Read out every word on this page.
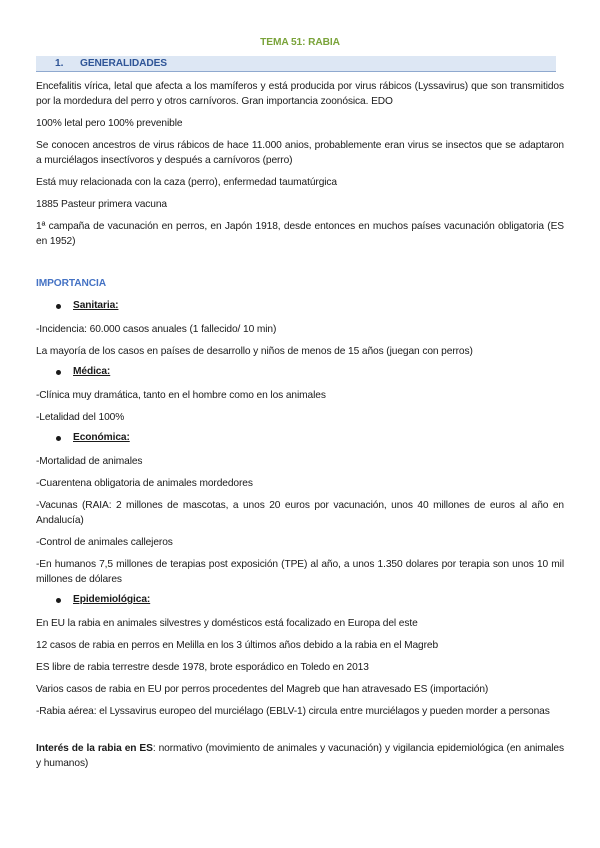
TEMA 51: RABIA
1. GENERALIDADES
Encefalitis vírica, letal que afecta a los mamíferos y está producida por virus rábicos (Lyssavirus) que son transmitidos por la mordedura del perro y otros carnívoros. Gran importancia zoonósica. EDO
100% letal pero 100% prevenible
Se conocen ancestros de virus rábicos de hace 11.000 anios, probablemente eran virus se insectos que se adaptaron a murciélagos insectívoros y después a carnívoros (perro)
Está muy relacionada con la caza (perro), enfermedad taumatúrgica
1885 Pasteur primera vacuna
1ª campaña de vacunación en perros, en Japón 1918, desde entonces en muchos países vacunación obligatoria (ES en 1952)
IMPORTANCIA
Sanitaria:
-Incidencia: 60.000 casos anuales (1 fallecido/ 10 min)
La mayoría de los casos en países de desarrollo y niños de menos de 15 años (juegan con perros)
Médica:
-Clínica muy dramática, tanto en el hombre como en los animales
-Letalidad del 100%
Económica:
-Mortalidad de animales
-Cuarentena obligatoria de animales mordedores
-Vacunas (RAIA: 2 millones de mascotas, a unos 20 euros por vacunación, unos 40 millones de euros al año en Andalucía)
-Control de animales callejeros
-En humanos 7,5 millones de terapias post exposición (TPE) al año, a unos 1.350 dolares por terapia son unos 10 mil millones de dólares
Epidemiológica:
En EU la rabia en animales silvestres y domésticos está focalizado en Europa del este
12 casos de rabia en perros en Melilla en los 3 últimos años debido a la rabia en el Magreb
ES libre de rabia terrestre desde 1978, brote esporádico en Toledo en 2013
Varios casos de rabia en EU por perros procedentes del Magreb que han atravesado ES (importación)
-Rabia aérea: el Lyssavirus europeo del murciélago (EBLV-1) circula entre murciélagos y pueden morder a personas
Interés de la rabia en ES: normativo (movimiento de animales y vacunación) y vigilancia epidemiológica (en animales y humanos)
